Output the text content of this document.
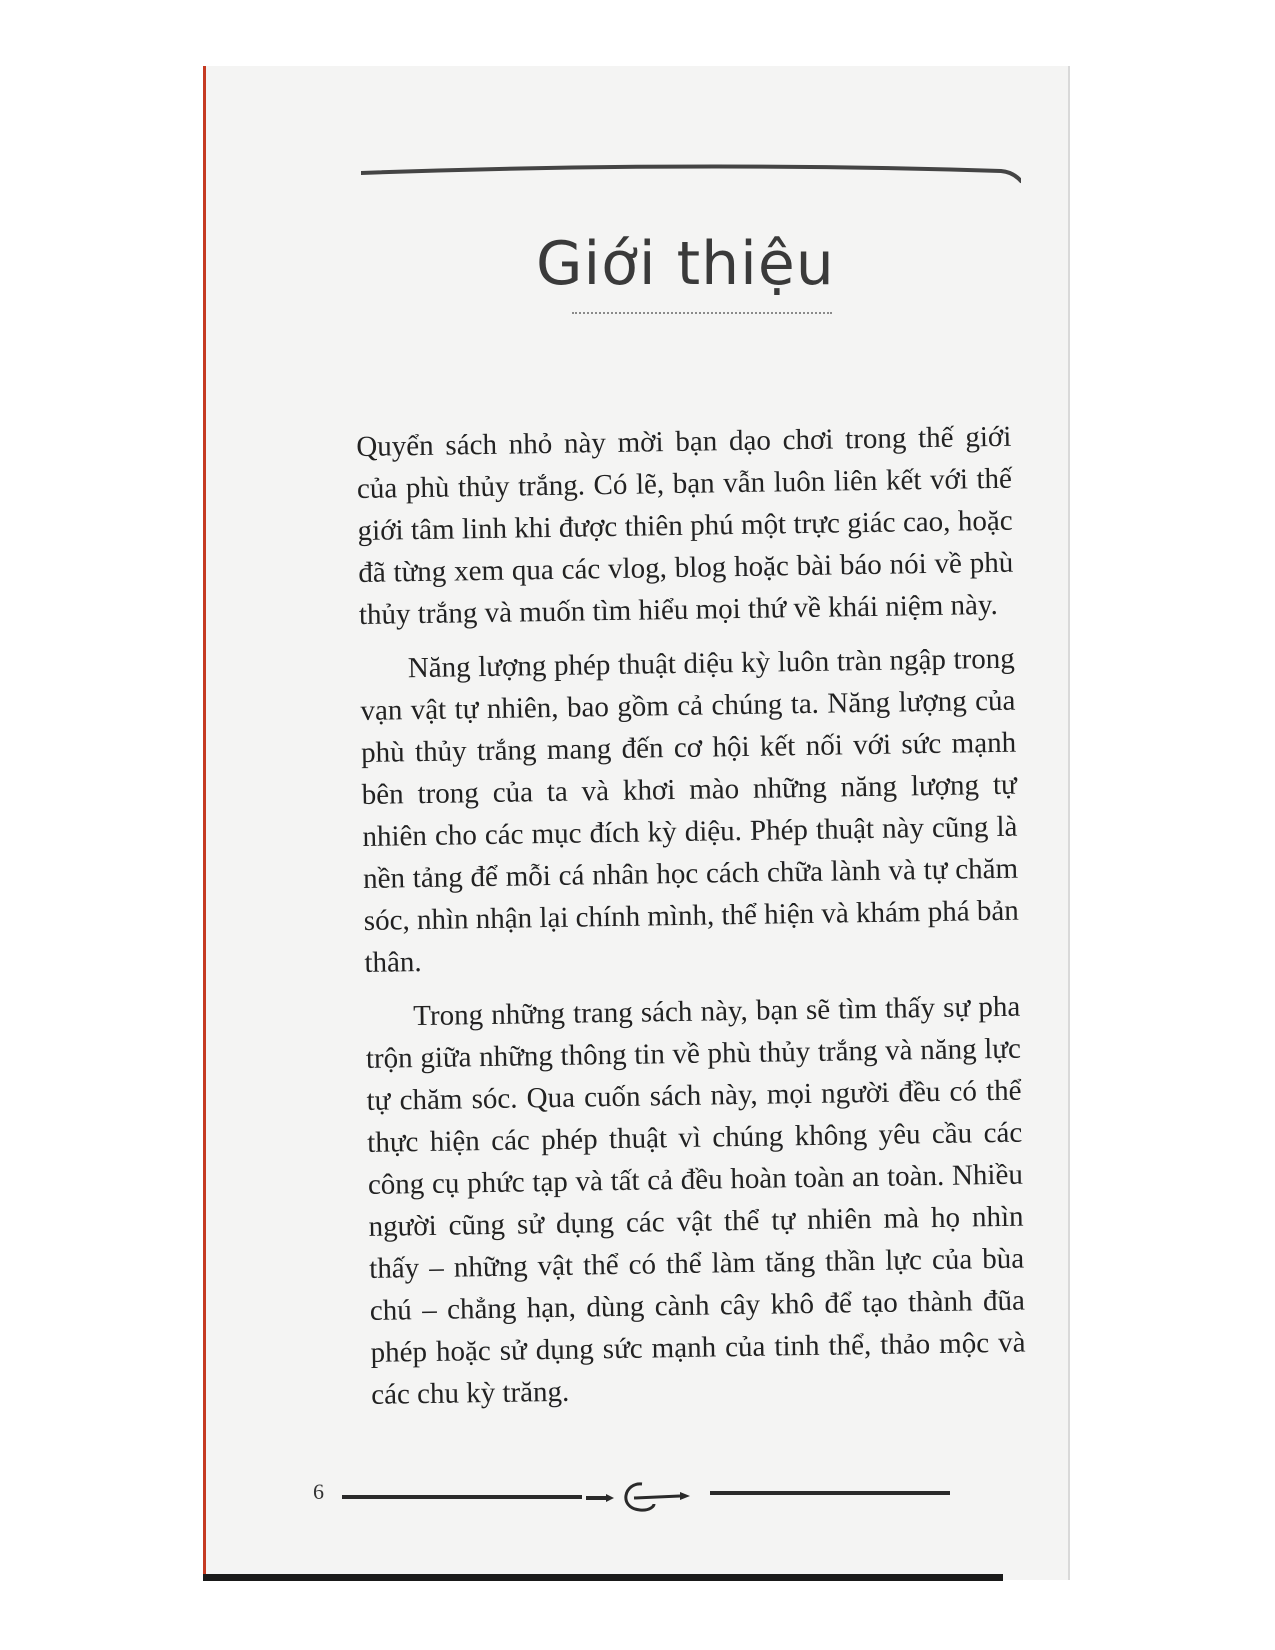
Giới thiệu

Quyển sách nhỏ này mời bạn dạo chơi trong thế giới của phù thủy trắng. Có lẽ, bạn vẫn luôn liên kết với thế giới tâm linh khi được thiên phú một trực giác cao, hoặc đã từng xem qua các vlog, blog hoặc bài báo nói về phù thủy trắng và muốn tìm hiểu mọi thứ về khái niệm này.

Năng lượng phép thuật diệu kỳ luôn tràn ngập trong vạn vật tự nhiên, bao gồm cả chúng ta. Năng lượng của phù thủy trắng mang đến cơ hội kết nối với sức mạnh bên trong của ta và khơi mào những năng lượng tự nhiên cho các mục đích kỳ diệu. Phép thuật này cũng là nền tảng để mỗi cá nhân học cách chữa lành và tự chăm sóc, nhìn nhận lại chính mình, thể hiện và khám phá bản thân.

Trong những trang sách này, bạn sẽ tìm thấy sự pha trộn giữa những thông tin về phù thủy trắng và năng lực tự chăm sóc. Qua cuốn sách này, mọi người đều có thể thực hiện các phép thuật vì chúng không yêu cầu các công cụ phức tạp và tất cả đều hoàn toàn an toàn. Nhiều người cũng sử dụng các vật thể tự nhiên mà họ nhìn thấy – những vật thể có thể làm tăng thần lực của bùa chú – chẳng hạn, dùng cành cây khô để tạo thành đũa phép hoặc sử dụng sức mạnh của tinh thể, thảo mộc và các chu kỳ trăng.

6
